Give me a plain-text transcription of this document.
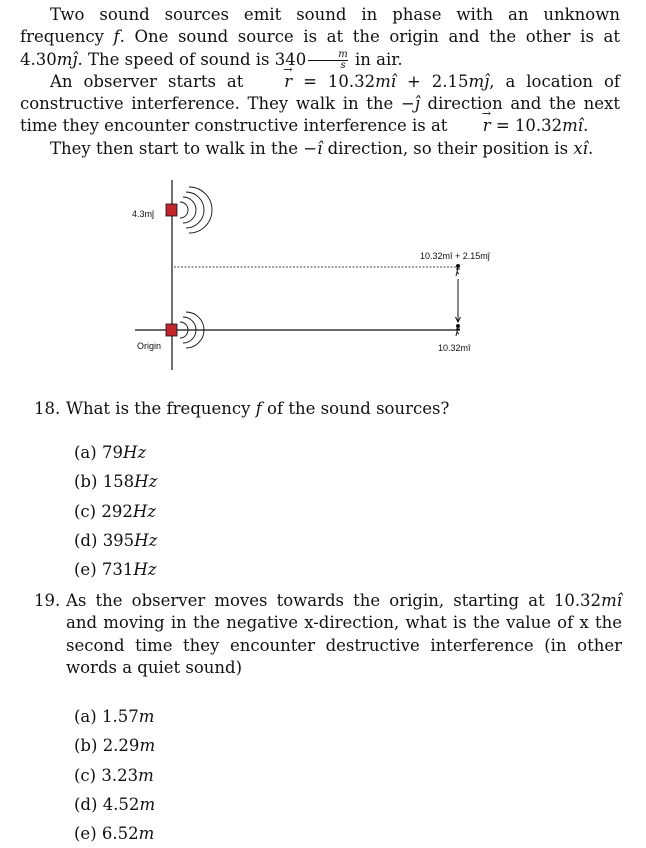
Two sound sources emit sound in phase with an unknown frequency f. One sound source is at the origin and the other is at 4.30mĵ. The speed of sound is $340 \frac{m}{s}$ in air.

An observer starts at → r = 10.32mî + 2.15mĵ, a location of constructive interference. They walk in the −ĵ direction and the next time they encounter constructive interference is at → r = 10.32mî.

They then start to walk in the −î direction, so their position is xî.

4.3mĵ
Origin
10.32mî + 2.15mĵ
10.32mî
18. What is the frequency f of the sound sources?
(a) 79Hz
(b) 158Hz
(c) 292Hz
(d) 395Hz
(e) 731Hz
19. As the observer moves towards the origin, starting at 10.32mî and moving in the negative x-direction, what is the value of x the second time they encounter destructive interference (in other words a quiet sound)
(a) 1.57m
(b) 2.29m
(c) 3.23m
(d) 4.52m
(e) 6.52m
